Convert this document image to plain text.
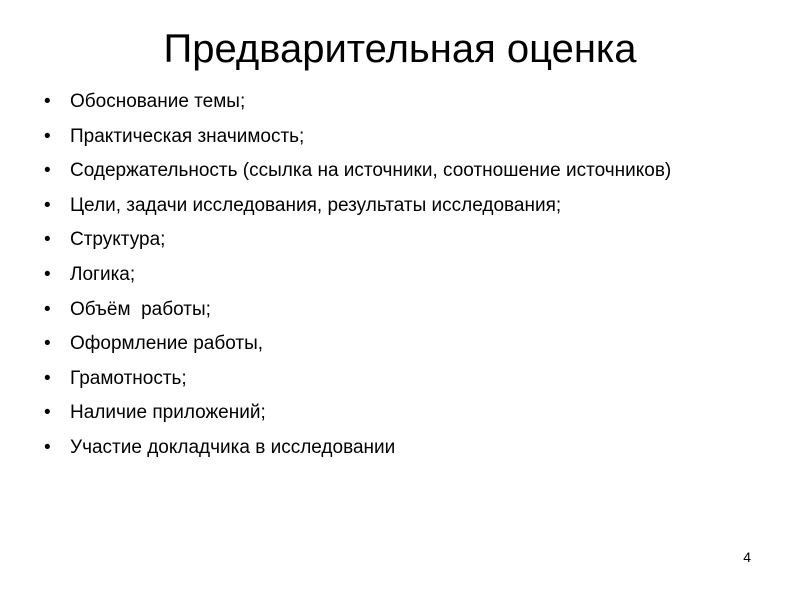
Предварительная оценка
•	Обоснование темы;
•	Практическая значимость;
•	Содержательность (ссылка на источники, соотношение источников)
•	Цели, задачи исследования, результаты исследования;
•	Структура;
•	Логика;
•	Объём  работы;
•	Оформление работы,
•	Грамотность;
•	Наличие приложений;
•	Участие докладчика в исследовании
4
